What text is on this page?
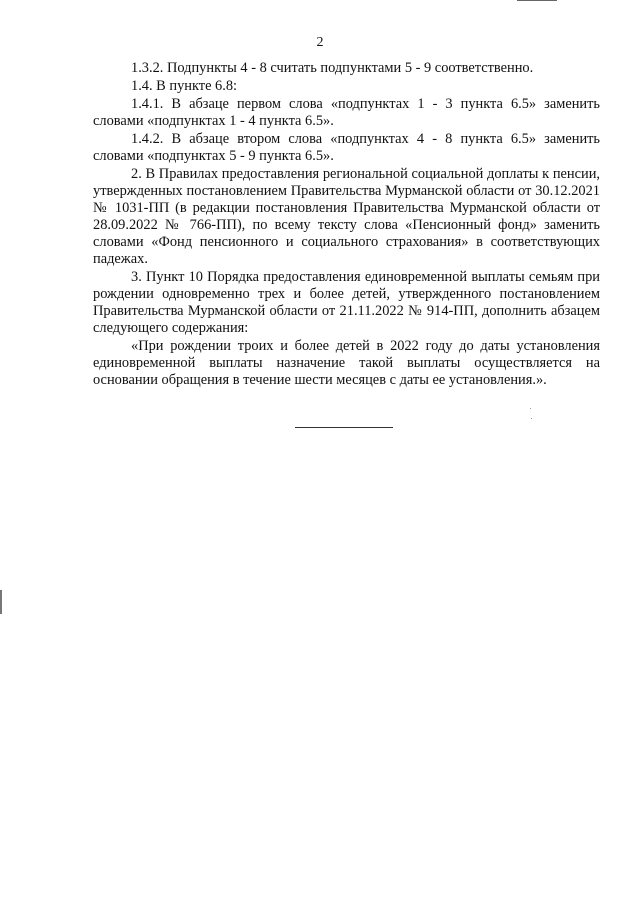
2

1.3.2. Подпункты 4 - 8 считать подпунктами 5 - 9 соответственно.

1.4. В пункте 6.8:

1.4.1. В абзаце первом слова «подпунктах 1 - 3 пункта 6.5» заменить словами «подпунктах 1 - 4 пункта 6.5».

1.4.2. В абзаце втором слова «подпунктах 4 - 8 пункта 6.5» заменить словами «подпунктах 5 - 9 пункта 6.5».

2. В Правилах предоставления региональной социальной доплаты к пенсии, утвержденных постановлением Правительства Мурманской области от 30.12.2021 № 1031-ПП (в редакции постановления Правительства Мурманской области от 28.09.2022 № 766-ПП), по всему тексту слова «Пенсионный фонд» заменить словами «Фонд пенсионного и социального страхования» в соответствующих падежах.

3. Пункт 10 Порядка предоставления единовременной выплаты семьям при рождении одновременно трех и более детей, утвержденного постановлением Правительства Мурманской области от 21.11.2022 № 914-ПП, дополнить абзацем следующего содержания:

«При рождении троих и более детей в 2022 году до даты установления единовременной выплаты назначение такой выплаты осуществляется на основании обращения в течение шести месяцев с даты ее установления.».
